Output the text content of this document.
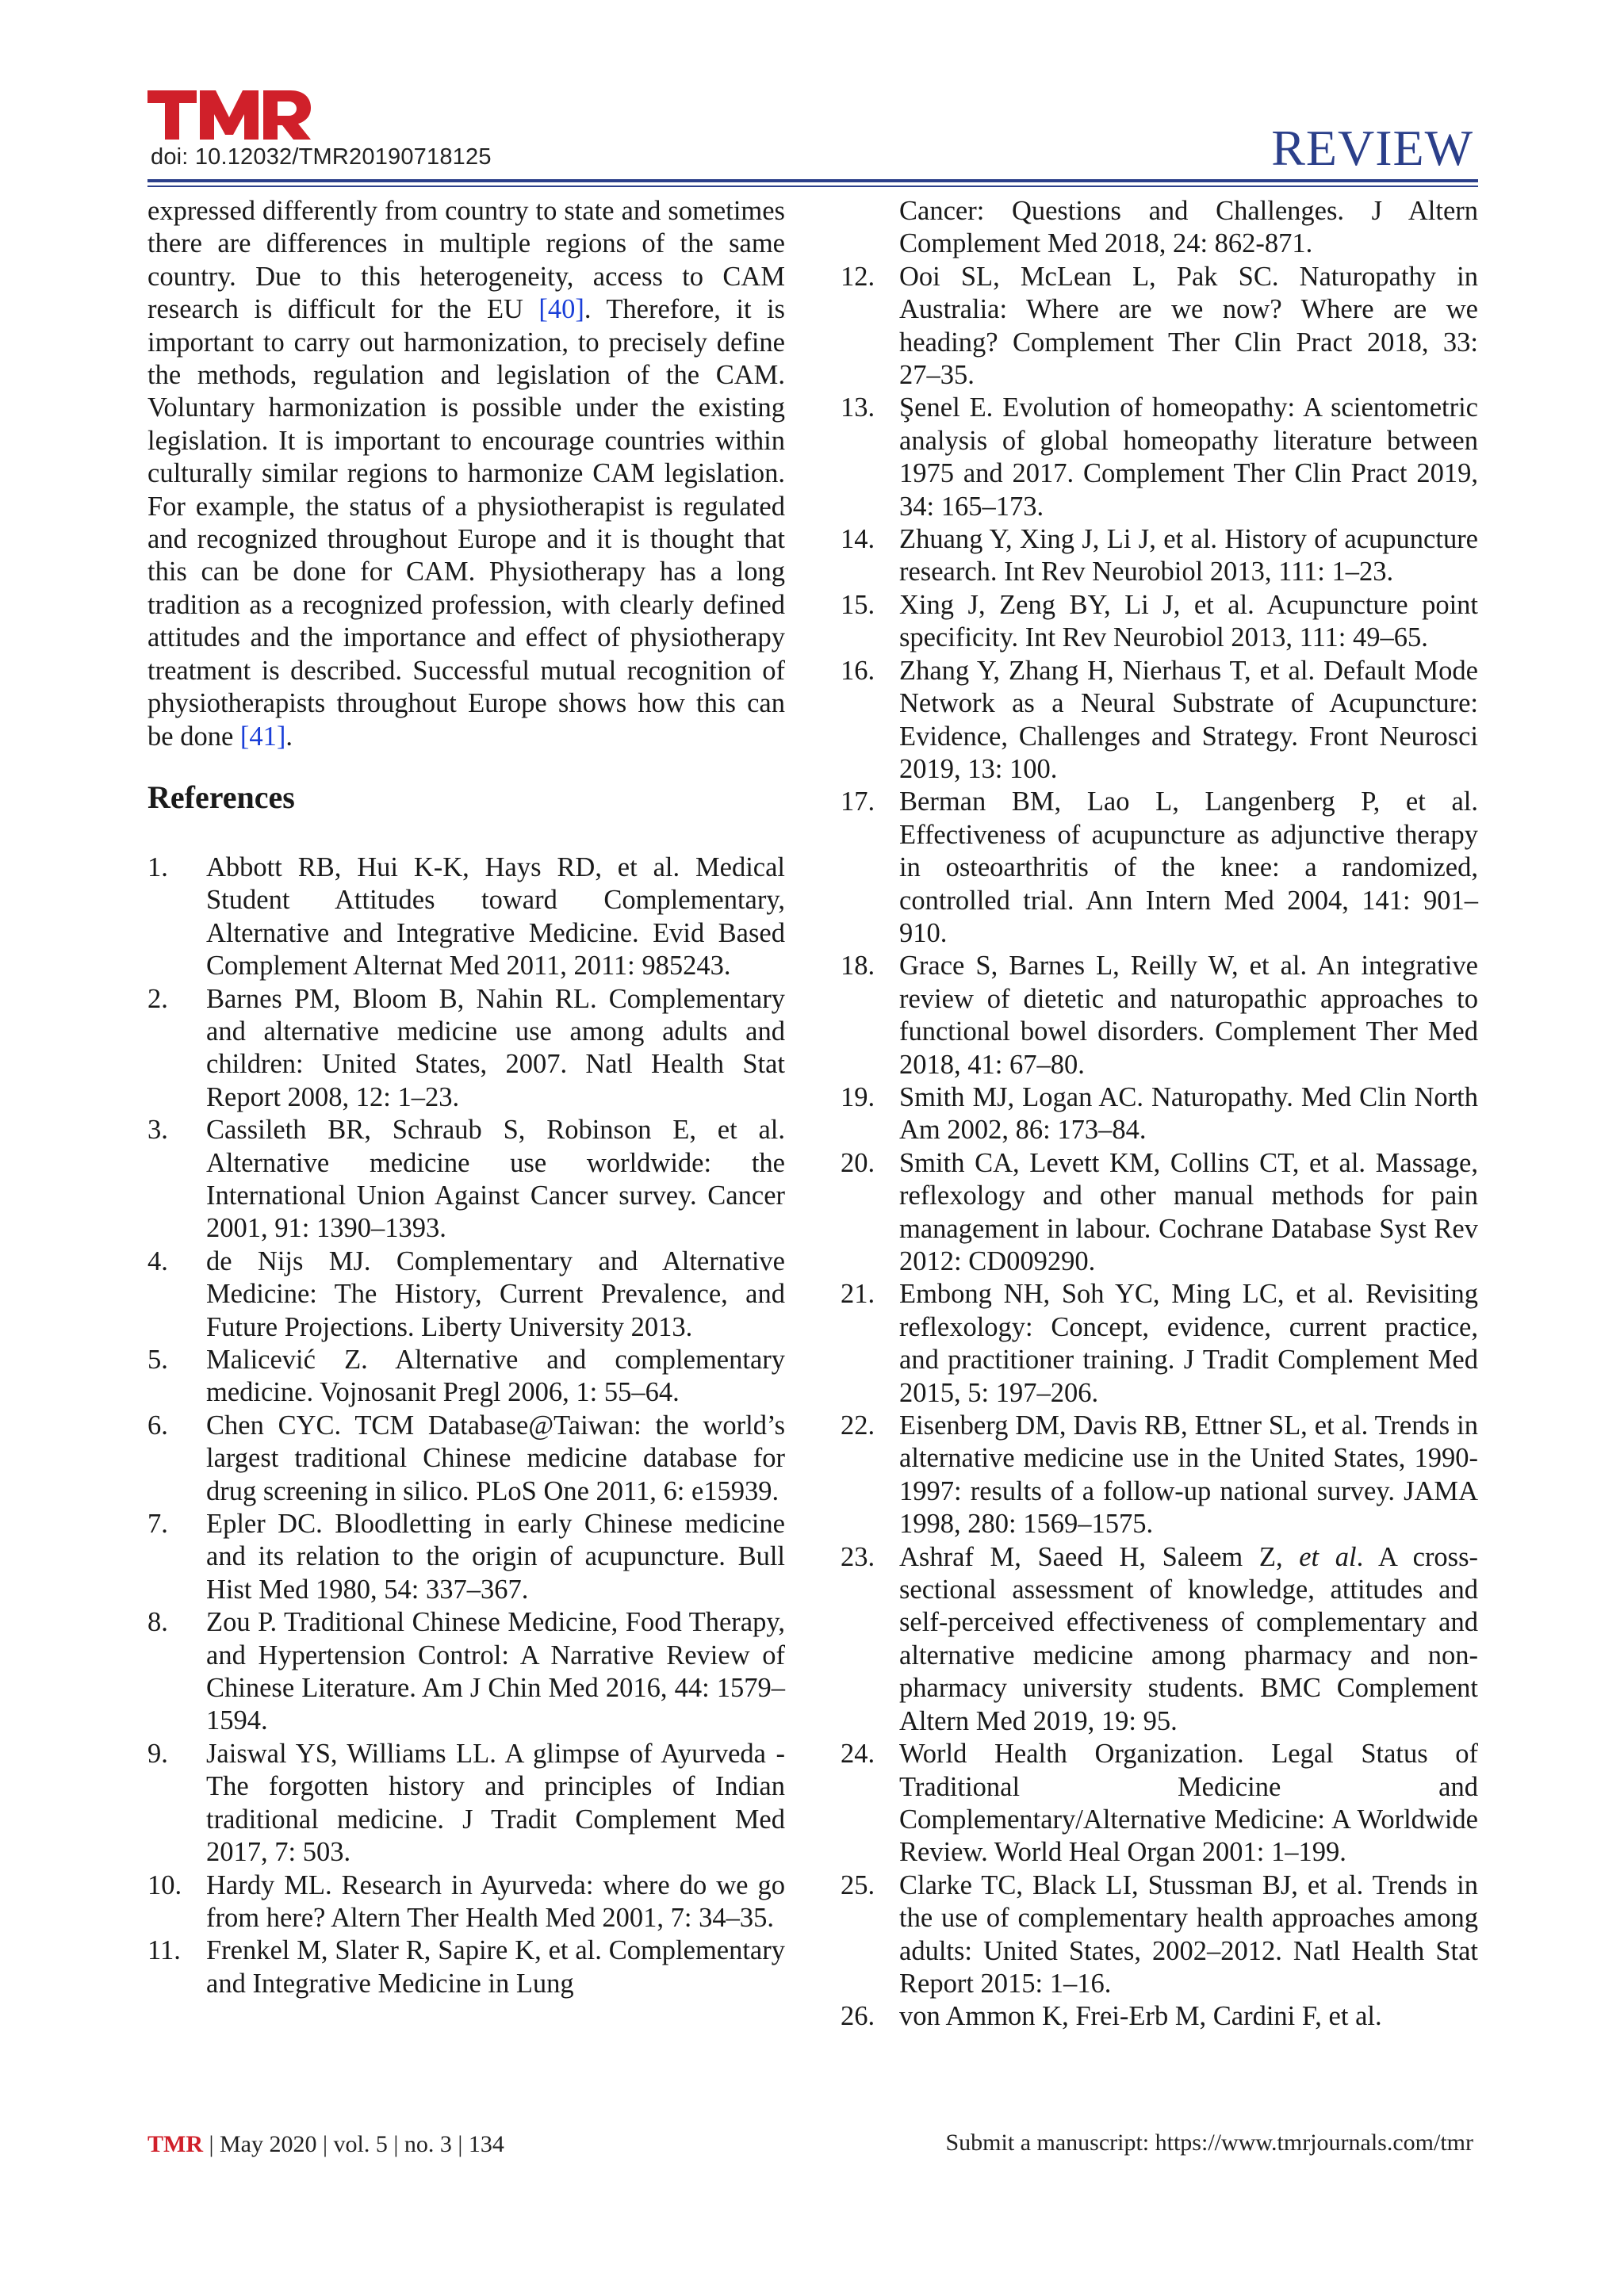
doi: 10.12032/TMR20190718125	REVIEW

expressed differently from country to state and sometimes there are differences in multiple regions of the same country. Due to this heterogeneity, access to CAM research is difficult for the EU [40]. Therefore, it is important to carry out harmonization, to precisely define the methods, regulation and legislation of the CAM. Voluntary harmonization is possible under the existing legislation. It is important to encourage countries within culturally similar regions to harmonize CAM legislation. For example, the status of a physiotherapist is regulated and recognized throughout Europe and it is thought that this can be done for CAM. Physiotherapy has a long tradition as a recognized profession, with clearly defined attitudes and the importance and effect of physiotherapy treatment is described. Successful mutual recognition of physiotherapists throughout Europe shows how this can be done [41].

References
1.	Abbott RB, Hui K-K, Hays RD, et al. Medical Student Attitudes toward Complementary, Alternative and Integrative Medicine. Evid Based Complement Alternat Med 2011, 2011: 985243.
2.	Barnes PM, Bloom B, Nahin RL. Complementary and alternative medicine use among adults and children: United States, 2007. Natl Health Stat Report 2008, 12: 1–23.
3.	Cassileth BR, Schraub S, Robinson E, et al. Alternative medicine use worldwide: the International Union Against Cancer survey. Cancer 2001, 91: 1390–1393.
4.	de Nijs MJ. Complementary and Alternative Medicine: The History, Current Prevalence, and Future Projections. Liberty University 2013.
5.	Malicević Z. Alternative and complementary medicine. Vojnosanit Pregl 2006, 1: 55–64.
6.	Chen CYC. TCM Database@Taiwan: the world’s largest traditional Chinese medicine database for drug screening in silico. PLoS One 2011, 6: e15939.
7.	Epler DC. Bloodletting in early Chinese medicine and its relation to the origin of acupuncture. Bull Hist Med 1980, 54: 337–367.
8.	Zou P. Traditional Chinese Medicine, Food Therapy, and Hypertension Control: A Narrative Review of Chinese Literature. Am J Chin Med 2016, 44: 1579–1594.
9.	Jaiswal YS, Williams LL. A glimpse of Ayurveda - The forgotten history and principles of Indian traditional medicine. J Tradit Complement Med 2017, 7: 503.
10. Hardy ML. Research in Ayurveda: where do we go from here? Altern Ther Health Med 2001, 7: 34–35.
11. Frenkel M, Slater R, Sapire K, et al. Complementary and Integrative Medicine in Lung
Cancer: Questions and Challenges. J Altern Complement Med 2018, 24: 862-871.
12. Ooi SL, McLean L, Pak SC. Naturopathy in Australia: Where are we now? Where are we heading? Complement Ther Clin Pract 2018, 33: 27–35.
13. Şenel E. Evolution of homeopathy: A scientometric analysis of global homeopathy literature between 1975 and 2017. Complement Ther Clin Pract 2019, 34: 165–173.
14. Zhuang Y, Xing J, Li J, et al. History of acupuncture research. Int Rev Neurobiol 2013, 111: 1–23.
15. Xing J, Zeng BY, Li J, et al. Acupuncture point specificity. Int Rev Neurobiol 2013, 111: 49–65.
16. Zhang Y, Zhang H, Nierhaus T, et al. Default Mode Network as a Neural Substrate of Acupuncture: Evidence, Challenges and Strategy. Front Neurosci 2019, 13: 100.
17. Berman BM, Lao L, Langenberg P, et al. Effectiveness of acupuncture as adjunctive therapy in osteoarthritis of the knee: a randomized, controlled trial. Ann Intern Med 2004, 141: 901–910.
18. Grace S, Barnes L, Reilly W, et al. An integrative review of dietetic and naturopathic approaches to functional bowel disorders. Complement Ther Med 2018, 41: 67–80.
19. Smith MJ, Logan AC. Naturopathy. Med Clin North Am 2002, 86: 173–84.
20. Smith CA, Levett KM, Collins CT, et al. Massage, reflexology and other manual methods for pain management in labour. Cochrane Database Syst Rev 2012: CD009290.
21. Embong NH, Soh YC, Ming LC, et al. Revisiting reflexology: Concept, evidence, current practice, and practitioner training. J Tradit Complement Med 2015, 5: 197–206.
22. Eisenberg DM, Davis RB, Ettner SL, et al. Trends in alternative medicine use in the United States, 1990-1997: results of a follow-up national survey. JAMA 1998, 280: 1569–1575.
23. Ashraf M, Saeed H, Saleem Z, et al. A cross-sectional assessment of knowledge, attitudes and self-perceived effectiveness of complementary and alternative medicine among pharmacy and non-pharmacy university students. BMC Complement Altern Med 2019, 19: 95.
24. World Health Organization. Legal Status of Traditional Medicine and Complementary/Alternative Medicine: A Worldwide Review. World Heal Organ 2001: 1–199.
25. Clarke TC, Black LI, Stussman BJ, et al. Trends in the use of complementary health approaches among adults: United States, 2002–2012. Natl Health Stat Report 2015: 1–16.
26. von Ammon K, Frei-Erb M, Cardini F, et al.
TMR | May 2020 | vol. 5 | no. 3 | 134	Submit a manuscript: https://www.tmrjournals.com/tmr
